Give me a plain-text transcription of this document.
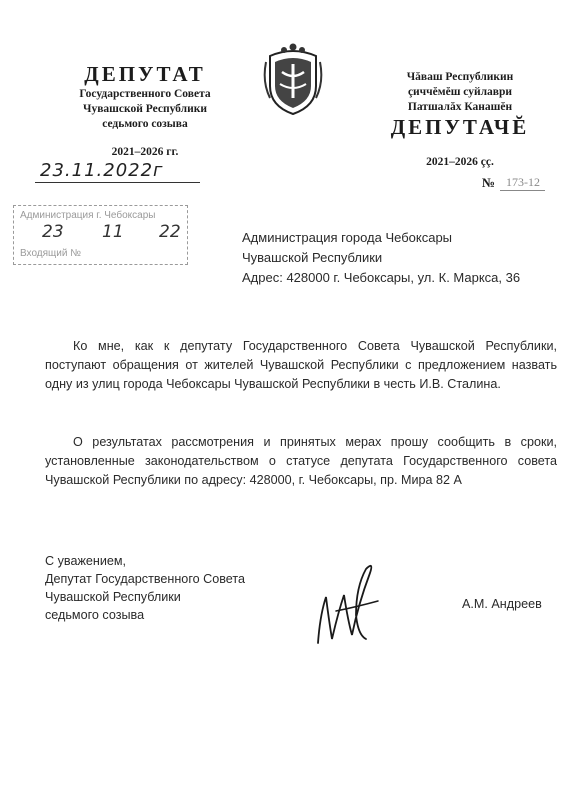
ДЕПУТАТ
Государственного Совета
Чувашской Республики
седьмого созыва
2021–2026 гг.
Чăваш Республикин
çиччĕмĕш суйлаври
Патшалăх Канашĕн
ДЕПУТАЧĔ
2021–2026 çç.
23.11.2022г
№ 173-12
Администрация г. Чебоксары
23 11 22
Входящий №
Администрация города Чебоксары
Чувашской Республики
Адрес: 428000 г. Чебоксары, ул. К. Маркса, 36
Ко мне, как к депутату Государственного Совета Чувашской Республики, поступают обращения от жителей Чувашской Республики с предложением назвать одну из улиц города Чебоксары Чувашской Республики в честь И.В. Сталина.
О результатах рассмотрения и принятых мерах прошу сообщить в сроки, установленные законодательством о статусе депутата Государственного совета Чувашской Республики по адресу: 428000, г. Чебоксары, пр. Мира 82 А
С уважением,
Депутат Государственного Совета
Чувашской Республики
седьмого созыва
А.М. Андреев
